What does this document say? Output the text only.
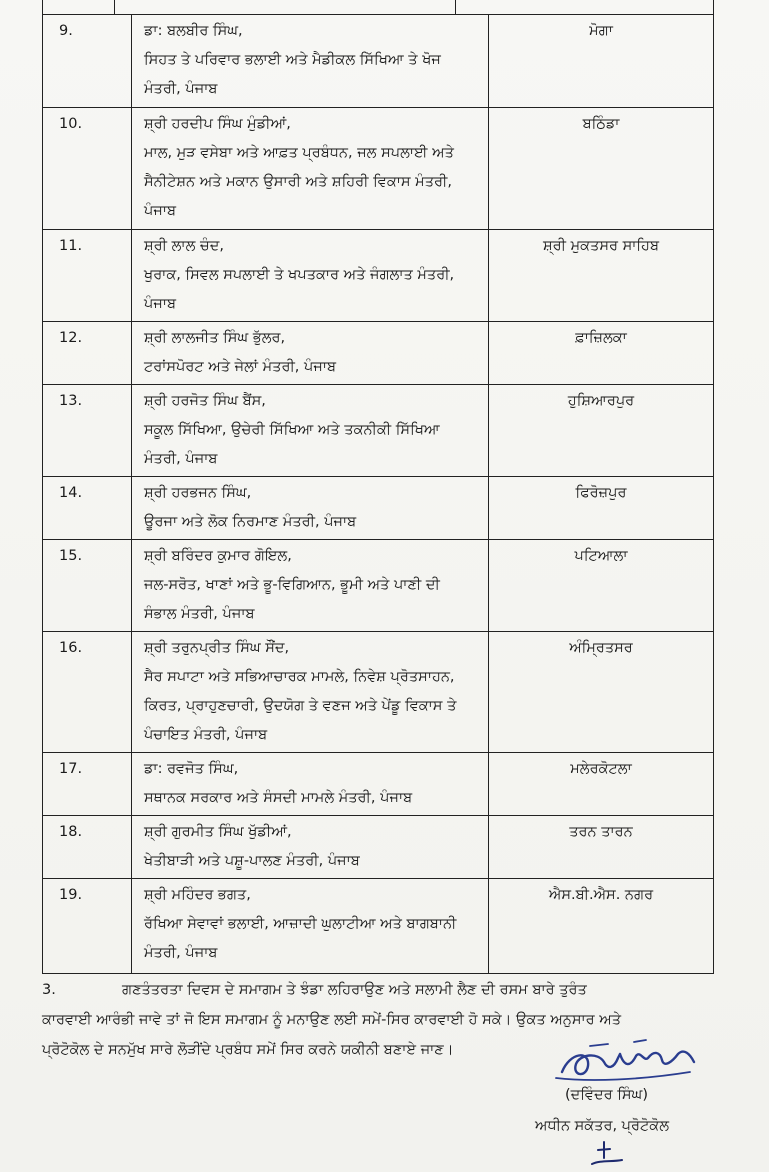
9.	ਡਾ: ਬਲਬੀਰ ਸਿੰਘ,
ਸਿਹਤ ਤੇ ਪਰਿਵਾਰ ਭਲਾਈ ਅਤੇ ਮੈਡੀਕਲ ਸਿੱਖਿਆ ਤੇ ਖੋਜ
ਮੰਤਰੀ, ਪੰਜਾਬ	ਮੋਗਾ
10.	ਸ਼੍ਰੀ ਹਰਦੀਪ ਸਿੰਘ ਮੁੰਡੀਆਂ,
ਮਾਲ, ਮੁੜ ਵਸੇਬਾ ਅਤੇ ਆਫ਼ਤ ਪ੍ਰਬੰਧਨ, ਜਲ ਸਪਲਾਈ ਅਤੇ
ਸੈਨੀਟੇਸ਼ਨ ਅਤੇ ਮਕਾਨ ਉਸਾਰੀ ਅਤੇ ਸ਼ਹਿਰੀ ਵਿਕਾਸ ਮੰਤਰੀ,
ਪੰਜਾਬ	ਬਠਿੰਡਾ
11.	ਸ਼੍ਰੀ ਲਾਲ ਚੰਦ,
ਖੁਰਾਕ, ਸਿਵਲ ਸਪਲਾਈ ਤੇ ਖਪਤਕਾਰ ਅਤੇ ਜੰਗਲਾਤ ਮੰਤਰੀ,
ਪੰਜਾਬ	ਸ਼੍ਰੀ ਮੁਕਤਸਰ ਸਾਹਿਬ
12.	ਸ਼੍ਰੀ ਲਾਲਜੀਤ ਸਿੰਘ ਭੁੱਲਰ,
ਟਰਾਂਸਪੋਰਟ ਅਤੇ ਜੇਲਾਂ ਮੰਤਰੀ, ਪੰਜਾਬ	ਫ਼ਾਜ਼ਿਲਕਾ
13.	ਸ਼੍ਰੀ ਹਰਜੋਤ ਸਿੰਘ ਬੈਂਸ,
ਸਕੂਲ ਸਿੱਖਿਆ, ਉਚੇਰੀ ਸਿੱਖਿਆ ਅਤੇ ਤਕਨੀਕੀ ਸਿੱਖਿਆ
ਮੰਤਰੀ, ਪੰਜਾਬ	ਹੁਸ਼ਿਆਰਪੁਰ
14.	ਸ਼੍ਰੀ ਹਰਭਜਨ ਸਿੰਘ,
ਊਰਜਾ ਅਤੇ ਲੋਕ ਨਿਰਮਾਣ ਮੰਤਰੀ, ਪੰਜਾਬ	ਫਿਰੋਜ਼ਪੁਰ
15.	ਸ਼੍ਰੀ ਬਰਿੰਦਰ ਕੁਮਾਰ ਗੋਇਲ,
ਜਲ-ਸਰੋਤ, ਖਾਣਾਂ ਅਤੇ ਭੂ-ਵਿਗਿਆਨ, ਭੂਮੀ ਅਤੇ ਪਾਣੀ ਦੀ
ਸੰਭਾਲ ਮੰਤਰੀ, ਪੰਜਾਬ	ਪਟਿਆਲਾ
16.	ਸ਼੍ਰੀ ਤਰੁਨਪ੍ਰੀਤ ਸਿੰਘ ਸੌਂਦ,
ਸੈਰ ਸਪਾਟਾ ਅਤੇ ਸਭਿਆਚਾਰਕ ਮਾਮਲੇ, ਨਿਵੇਸ਼ ਪ੍ਰੋਤਸਾਹਨ,
ਕਿਰਤ, ਪ੍ਰਾਹੁਣਚਾਰੀ, ਉਦਯੋਗ ਤੇ ਵਣਜ ਅਤੇ ਪੇਂਡੂ ਵਿਕਾਸ ਤੇ
ਪੰਚਾਇਤ ਮੰਤਰੀ, ਪੰਜਾਬ	ਅੰਮ੍ਰਿਤਸਰ
17.	ਡਾ: ਰਵਜੋਤ ਸਿੰਘ,
ਸਥਾਨਕ ਸਰਕਾਰ ਅਤੇ ਸੰਸਦੀ ਮਾਮਲੇ ਮੰਤਰੀ, ਪੰਜਾਬ	ਮਲੇਰਕੋਟਲਾ
18.	ਸ਼੍ਰੀ ਗੁਰਮੀਤ ਸਿੰਘ ਖੁੱਡੀਆਂ,
ਖੇਤੀਬਾੜੀ ਅਤੇ ਪਸ਼ੂ-ਪਾਲਣ ਮੰਤਰੀ, ਪੰਜਾਬ	ਤਰਨ ਤਾਰਨ
19.	ਸ਼੍ਰੀ ਮਹਿੰਦਰ ਭਗਤ,
ਰੱਖਿਆ ਸੇਵਾਵਾਂ ਭਲਾਈ, ਆਜ਼ਾਦੀ ਘੁਲਾਟੀਆ ਅਤੇ ਬਾਗਬਾਨੀ
ਮੰਤਰੀ, ਪੰਜਾਬ	ਐਸ.ਬੀ.ਐਸ. ਨਗਰ
3.	ਗਣਤੰਤਰਤਾ ਦਿਵਸ ਦੇ ਸਮਾਗਮ ਤੇ ਝੰਡਾ ਲਹਿਰਾਉਣ ਅਤੇ ਸਲਾਮੀ ਲੈਣ ਦੀ ਰਸਮ ਬਾਰੇ ਤੁਰੰਤ
ਕਾਰਵਾਈ ਆਰੰਭੀ ਜਾਵੇ ਤਾਂ ਜੋ ਇਸ ਸਮਾਗਮ ਨੂੰ ਮਨਾਉਣ ਲਈ ਸਮੇਂ-ਸਿਰ ਕਾਰਵਾਈ ਹੋ ਸਕੇ। ਉਕਤ ਅਨੁਸਾਰ ਅਤੇ
ਪ੍ਰੋਟੋਕੋਲ ਦੇ ਸਨਮੁੱਖ ਸਾਰੇ ਲੋੜੀਂਦੇ ਪ੍ਰਬੰਧ ਸਮੇਂ ਸਿਰ ਕਰਨੇ ਯਕੀਨੀ ਬਣਾਏ ਜਾਣ।
(ਦਵਿੰਦਰ ਸਿੰਘ)
ਅਧੀਨ ਸਕੱਤਰ, ਪ੍ਰੋਟੋਕੋਲ
